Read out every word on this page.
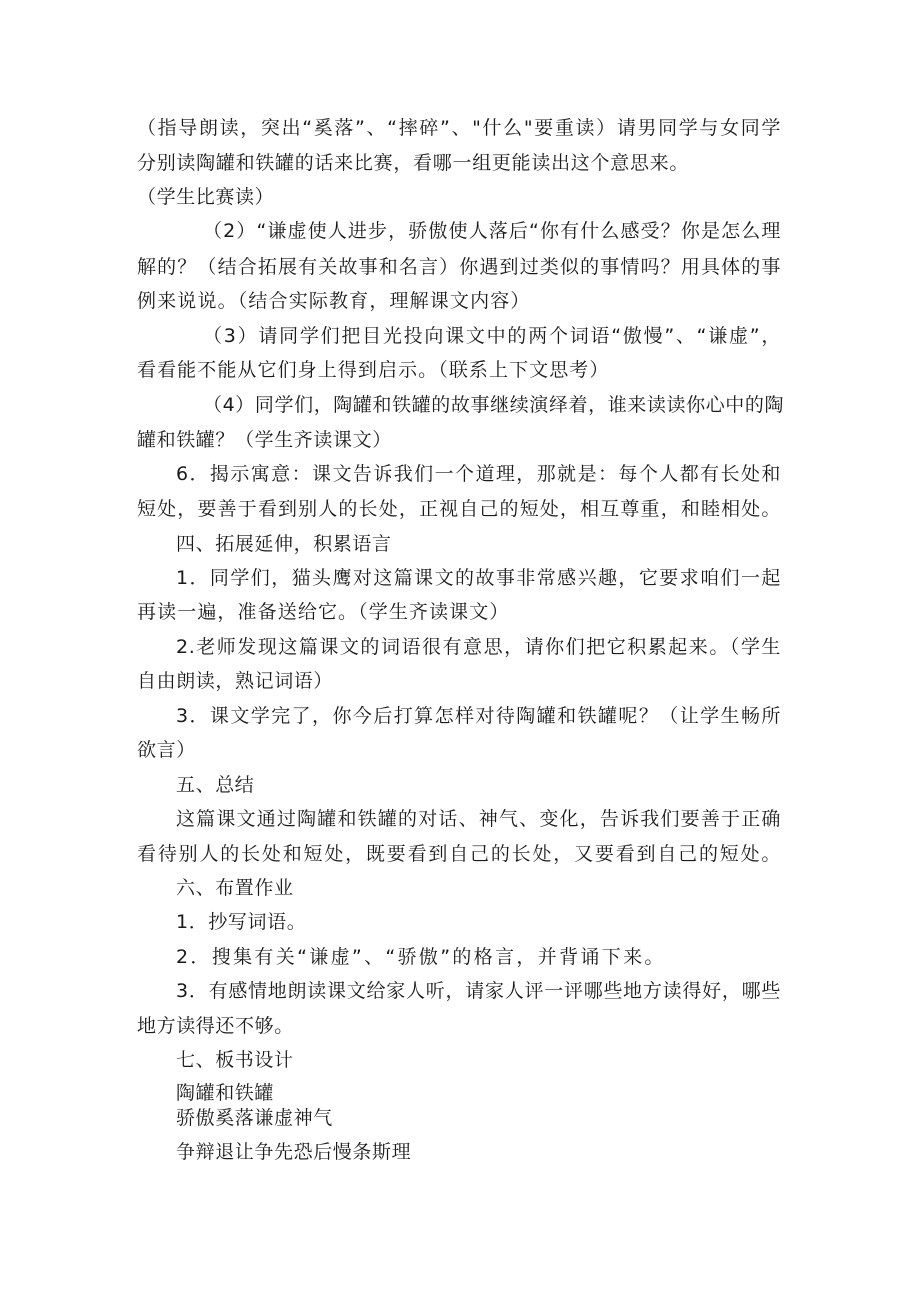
（指导朗读，突出“奚落”、“摔碎”、"什么"要重读）请男同学与女同学
分别读陶罐和铁罐的话来比赛，看哪一组更能读出这个意思来。
（学生比赛读）
（2）“谦虚使人进步，骄傲使人落后“你有什么感受？你是怎么理
解的？（结合拓展有关故事和名言）你遇到过类似的事情吗？用具体的事
例来说说。（结合实际教育，理解课文内容）
（3）请同学们把目光投向课文中的两个词语“傲慢”、“谦虚”，
看看能不能从它们身上得到启示。（联系上下文思考）
（4）同学们，陶罐和铁罐的故事继续演绎着，谁来读读你心中的陶
罐和铁罐？（学生齐读课文）
6．揭示寓意：课文告诉我们一个道理，那就是：每个人都有长处和
短处，要善于看到别人的长处，正视自己的短处，相互尊重，和睦相处。
四、拓展延伸，积累语言
1．同学们，猫头鹰对这篇课文的故事非常感兴趣，它要求咱们一起
再读一遍，准备送给它。（学生齐读课文）
2.老师发现这篇课文的词语很有意思，请你们把它积累起来。（学生
自由朗读，熟记词语）
3．课文学完了，你今后打算怎样对待陶罐和铁罐呢？（让学生畅所
欲言）
五、总结
这篇课文通过陶罐和铁罐的对话、神气、变化，告诉我们要善于正确
看待别人的长处和短处，既要看到自己的长处，又要看到自己的短处。
六、布置作业
1．抄写词语。
2．搜集有关“谦虚”、“骄傲”的格言，并背诵下来。
3．有感情地朗读课文给家人听，请家人评一评哪些地方读得好，哪些
地方读得还不够。
七、板书设计
陶罐和铁罐
骄傲奚落谦虚神气
争辩退让争先恐后慢条斯理
